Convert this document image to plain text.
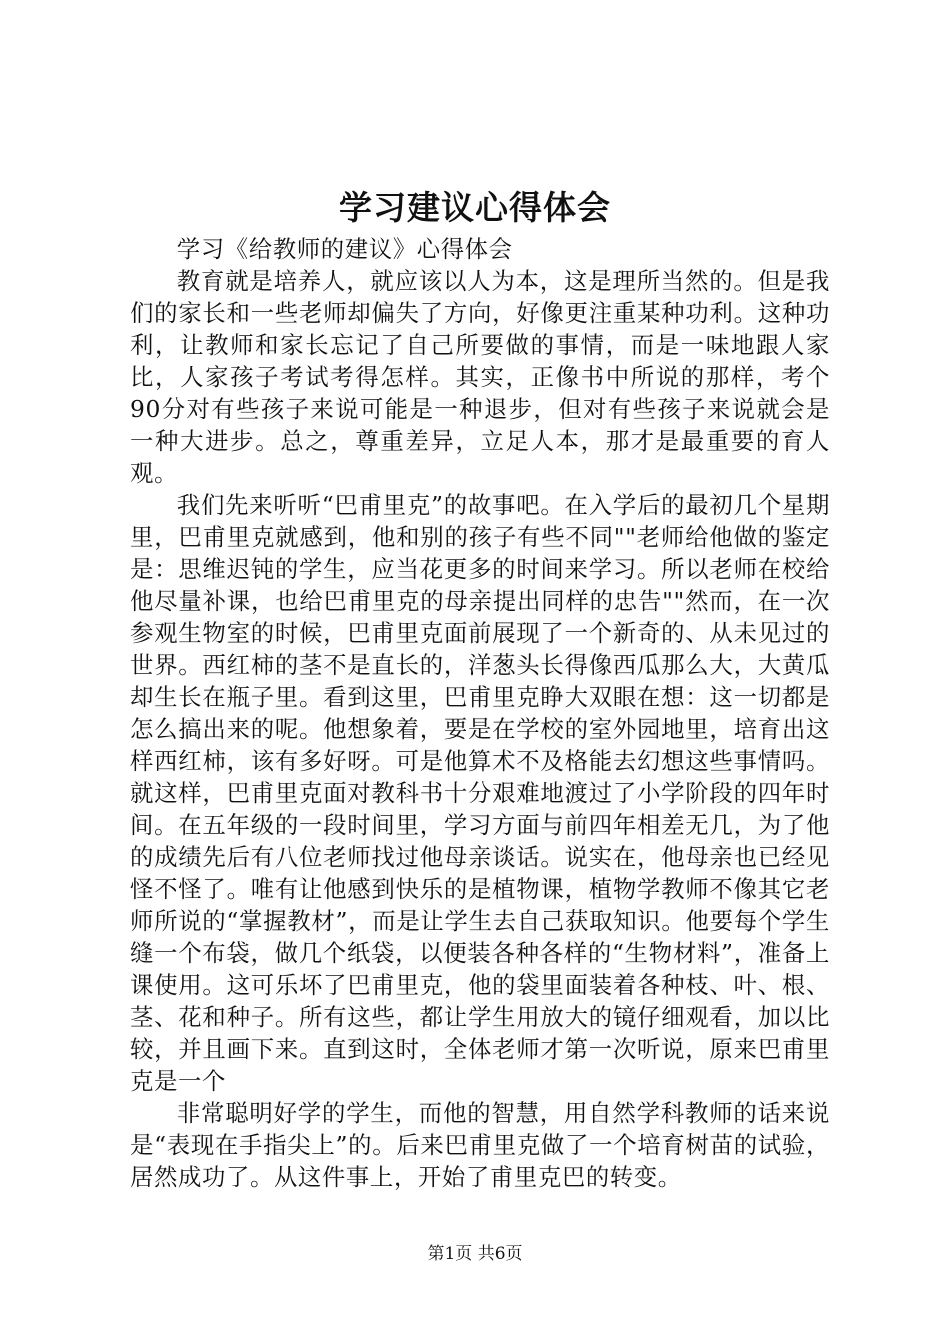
学习建议心得体会

学习《给教师的建议》心得体会

教育就是培养人，就应该以人为本，这是理所当然的。但是我们的家长和一些老师却偏失了方向，好像更注重某种功利。这种功利，让教师和家长忘记了自己所要做的事情，而是一味地跟人家比，人家孩子考试考得怎样。其实，正像书中所说的那样，考个90分对有些孩子来说可能是一种退步，但对有些孩子来说就会是一种大进步。总之，尊重差异，立足人本，那才是最重要的育人观。

我们先来听听“巴甫里克”的故事吧。在入学后的最初几个星期里，巴甫里克就感到，他和别的孩子有些不同""老师给他做的鉴定是：思维迟钝的学生，应当花更多的时间来学习。所以老师在校给他尽量补课，也给巴甫里克的母亲提出同样的忠告""然而，在一次参观生物室的时候，巴甫里克面前展现了一个新奇的、从未见过的世界。西红柿的茎不是直长的，洋葱头长得像西瓜那么大，大黄瓜却生长在瓶子里。看到这里，巴甫里克睁大双眼在想：这一切都是怎么搞出来的呢。他想象着，要是在学校的室外园地里，培育出这样西红柿，该有多好呀。可是他算术不及格能去幻想这些事情吗。就这样，巴甫里克面对教科书十分艰难地渡过了小学阶段的四年时间。在五年级的一段时间里，学习方面与前四年相差无几，为了他的成绩先后有八位老师找过他母亲谈话。说实在，他母亲也已经见怪不怪了。唯有让他感到快乐的是植物课，植物学教师不像其它老师所说的“掌握教材”，而是让学生去自己获取知识。他要每个学生缝一个布袋，做几个纸袋，以便装各种各样的“生物材料”，准备上课使用。这可乐坏了巴甫里克，他的袋里面装着各种枝、叶、根、茎、花和种子。所有这些，都让学生用放大的镜仔细观看，加以比较，并且画下来。直到这时，全体老师才第一次听说，原来巴甫里克是一个

非常聪明好学的学生，而他的智慧，用自然学科教师的话来说是“表现在手指尖上”的。后来巴甫里克做了一个培育树苗的试验，居然成功了。从这件事上，开始了甫里克巴的转变。

第1页 共6页
